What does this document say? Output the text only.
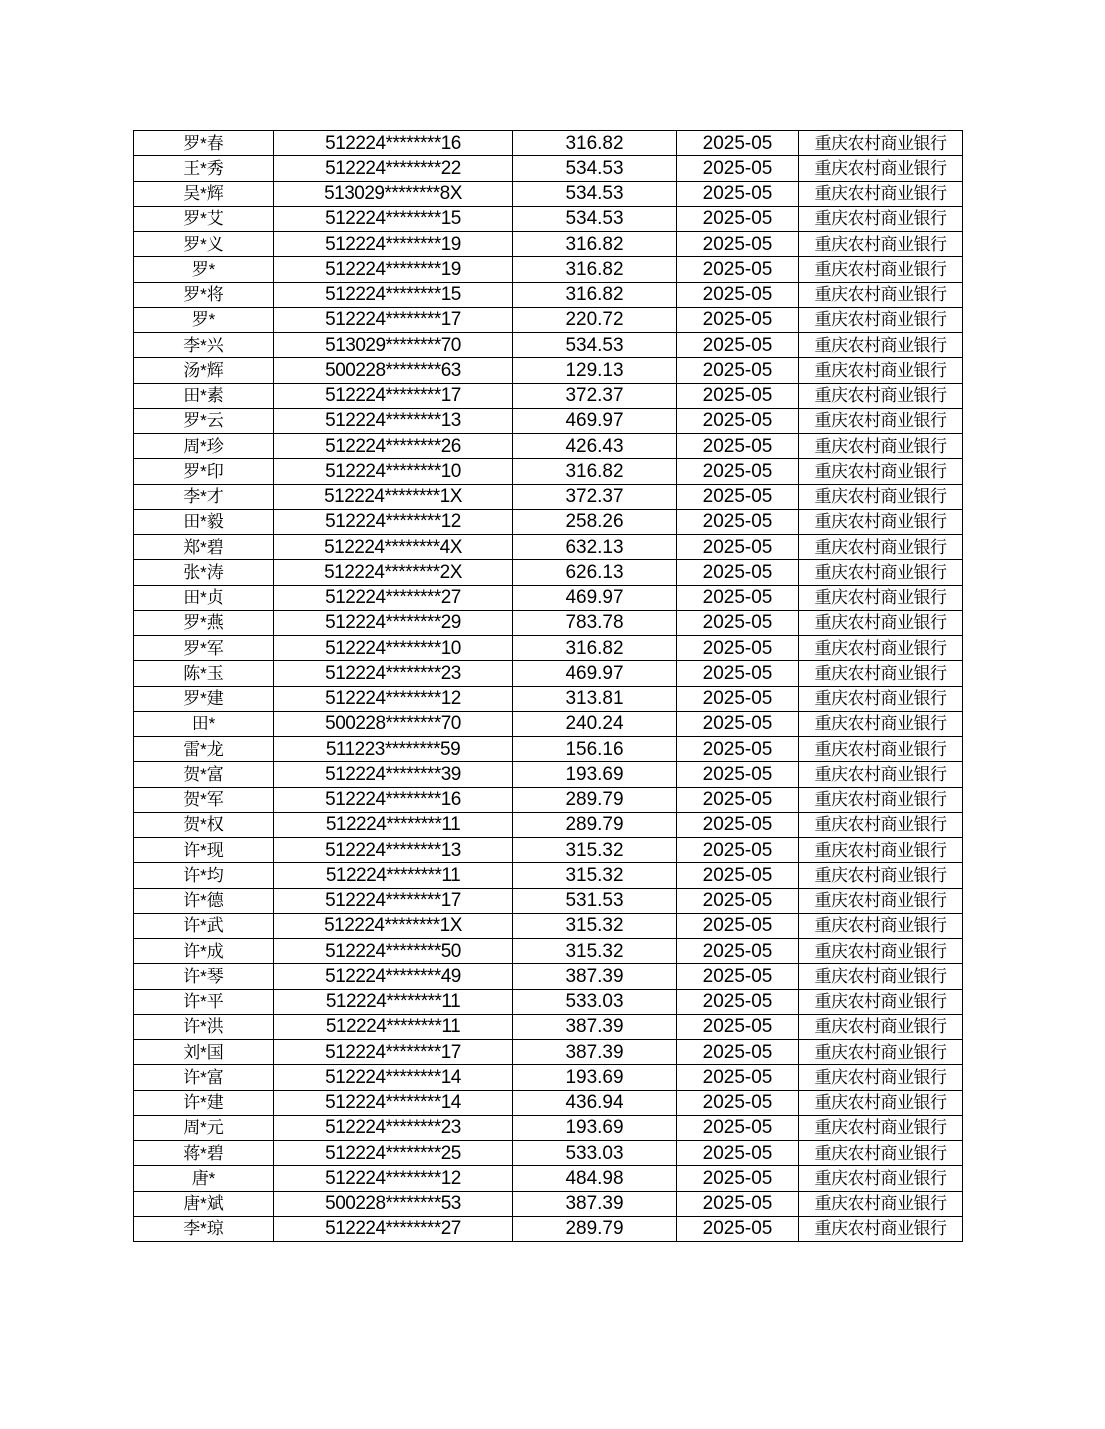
罗*春	512224********16	316.82	2025-05	重庆农村商业银行
王*秀	512224********22	534.53	2025-05	重庆农村商业银行
吴*辉	513029********8X	534.53	2025-05	重庆农村商业银行
罗*艾	512224********15	534.53	2025-05	重庆农村商业银行
罗*义	512224********19	316.82	2025-05	重庆农村商业银行
罗*	512224********19	316.82	2025-05	重庆农村商业银行
罗*将	512224********15	316.82	2025-05	重庆农村商业银行
罗*	512224********17	220.72	2025-05	重庆农村商业银行
李*兴	513029********70	534.53	2025-05	重庆农村商业银行
汤*辉	500228********63	129.13	2025-05	重庆农村商业银行
田*素	512224********17	372.37	2025-05	重庆农村商业银行
罗*云	512224********13	469.97	2025-05	重庆农村商业银行
周*珍	512224********26	426.43	2025-05	重庆农村商业银行
罗*印	512224********10	316.82	2025-05	重庆农村商业银行
李*才	512224********1X	372.37	2025-05	重庆农村商业银行
田*毅	512224********12	258.26	2025-05	重庆农村商业银行
郑*碧	512224********4X	632.13	2025-05	重庆农村商业银行
张*涛	512224********2X	626.13	2025-05	重庆农村商业银行
田*贞	512224********27	469.97	2025-05	重庆农村商业银行
罗*燕	512224********29	783.78	2025-05	重庆农村商业银行
罗*军	512224********10	316.82	2025-05	重庆农村商业银行
陈*玉	512224********23	469.97	2025-05	重庆农村商业银行
罗*建	512224********12	313.81	2025-05	重庆农村商业银行
田*	500228********70	240.24	2025-05	重庆农村商业银行
雷*龙	511223********59	156.16	2025-05	重庆农村商业银行
贺*富	512224********39	193.69	2025-05	重庆农村商业银行
贺*军	512224********16	289.79	2025-05	重庆农村商业银行
贺*权	512224********11	289.79	2025-05	重庆农村商业银行
许*现	512224********13	315.32	2025-05	重庆农村商业银行
许*均	512224********11	315.32	2025-05	重庆农村商业银行
许*德	512224********17	531.53	2025-05	重庆农村商业银行
许*武	512224********1X	315.32	2025-05	重庆农村商业银行
许*成	512224********50	315.32	2025-05	重庆农村商业银行
许*琴	512224********49	387.39	2025-05	重庆农村商业银行
许*平	512224********11	533.03	2025-05	重庆农村商业银行
许*洪	512224********11	387.39	2025-05	重庆农村商业银行
刘*国	512224********17	387.39	2025-05	重庆农村商业银行
许*富	512224********14	193.69	2025-05	重庆农村商业银行
许*建	512224********14	436.94	2025-05	重庆农村商业银行
周*元	512224********23	193.69	2025-05	重庆农村商业银行
蒋*碧	512224********25	533.03	2025-05	重庆农村商业银行
唐*	512224********12	484.98	2025-05	重庆农村商业银行
唐*斌	500228********53	387.39	2025-05	重庆农村商业银行
李*琼	512224********27	289.79	2025-05	重庆农村商业银行
